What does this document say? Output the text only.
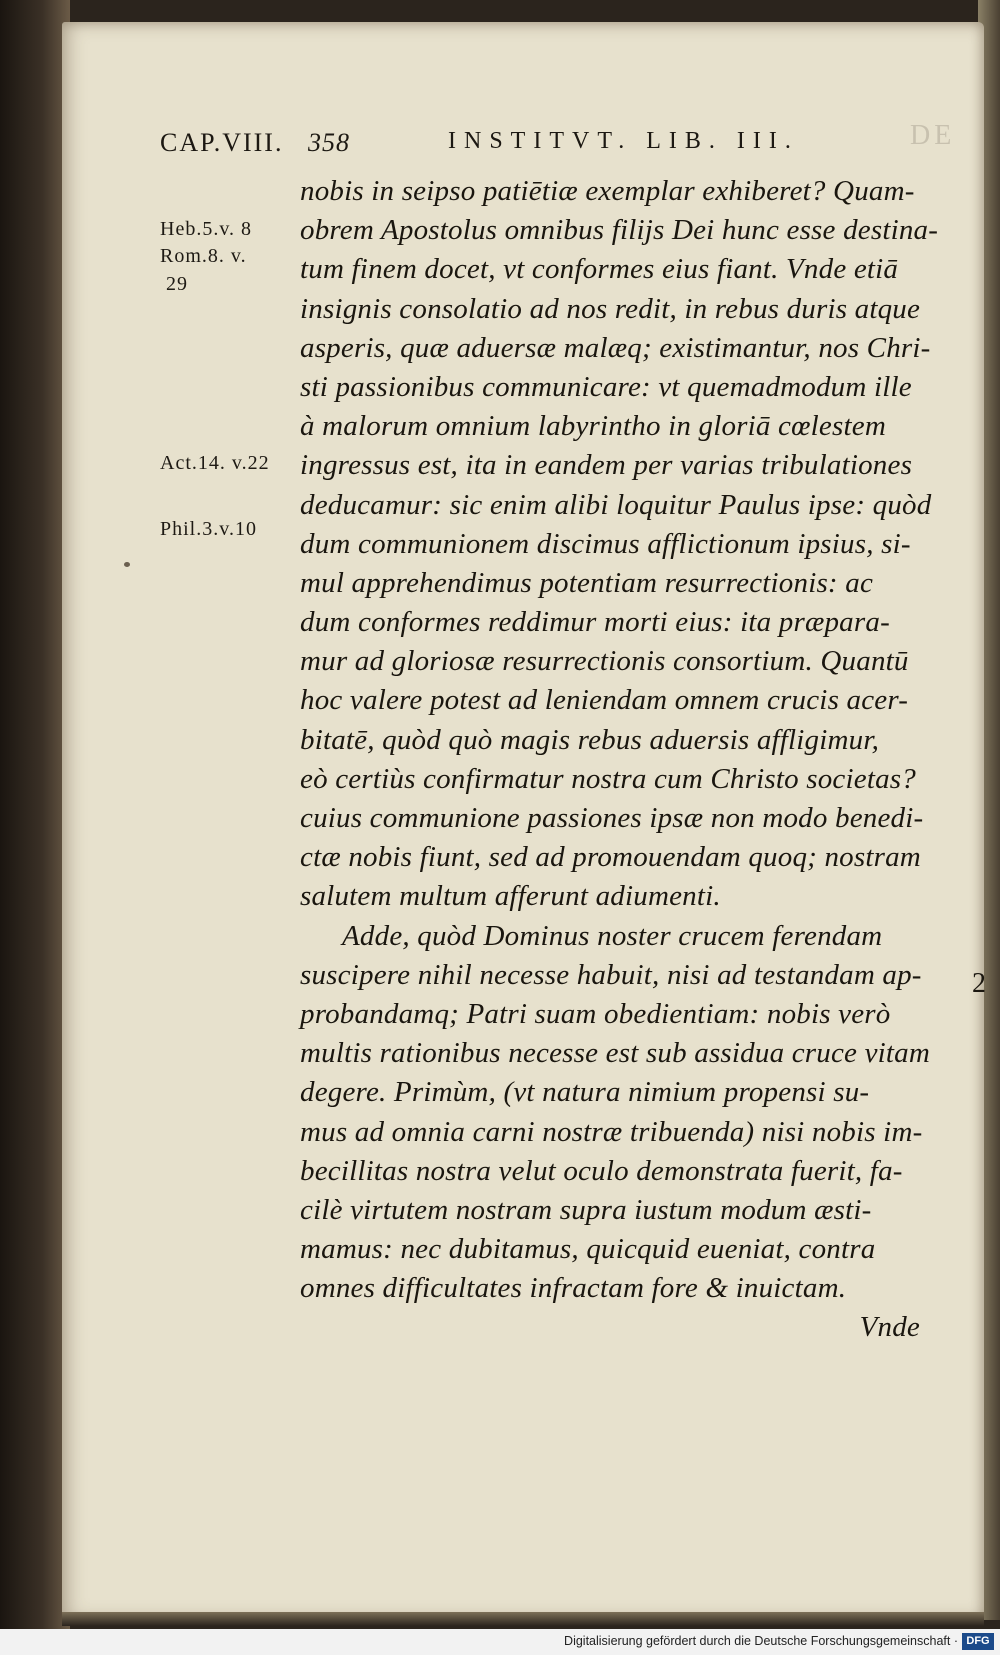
CAP.VIII. 358	INSTITVT. LIB. III.	DE
Heb.5.v. 8
Rom.8. v.
29
Act.14. v.22
Phil.3.v.10
nobis in seipso patiētiæ exemplar exhiberet? Quam-
obrem Apostolus omnibus filijs Dei hunc esse destina-
tum finem docet, vt conformes eius fiant. Vnde etiā
insignis consolatio ad nos redit, in rebus duris atque
asperis, quæ aduersæ malæq; existimantur, nos Chri-
sti passionibus communicare: vt quemadmodum ille
à malorum omnium labyrintho in gloriā cœlestem
ingressus est, ita in eandem per varias tribulationes
deducamur: sic enim alibi loquitur Paulus ipse: quòd
dum communionem discimus afflictionum ipsius, si-
mul apprehendimus potentiam resurrectionis: ac
dum conformes reddimur morti eius: ita præpara-
mur ad gloriosæ resurrectionis consortium. Quantū
hoc valere potest ad leniendam omnem crucis acer-
bitatē, quòd quò magis rebus aduersis affligimur,
eò certiùs confirmatur nostra cum Christo societas?
cuius communione passiones ipsæ non modo benedi-
ctæ nobis fiunt, sed ad promouendam quoq; nostram
salutem multum afferunt adiumenti.
Adde, quòd Dominus noster crucem ferendam
suscipere nihil necesse habuit, nisi ad testandam ap-
probandamq; Patri suam obedientiam: nobis verò
multis rationibus necesse est sub assidua cruce vitam
degere. Primùm, (vt natura nimium propensi su-
mus ad omnia carni nostræ tribuenda) nisi nobis im-
becillitas nostra velut oculo demonstrata fuerit, fa-
cilè virtutem nostram supra iustum modum æsti-
mamus: nec dubitamus, quicquid eueniat, contra
omnes difficultates infractam fore & inuictam.
Vnde
2
Digitalisierung gefördert durch die Deutsche Forschungsgemeinschaft · DFG
